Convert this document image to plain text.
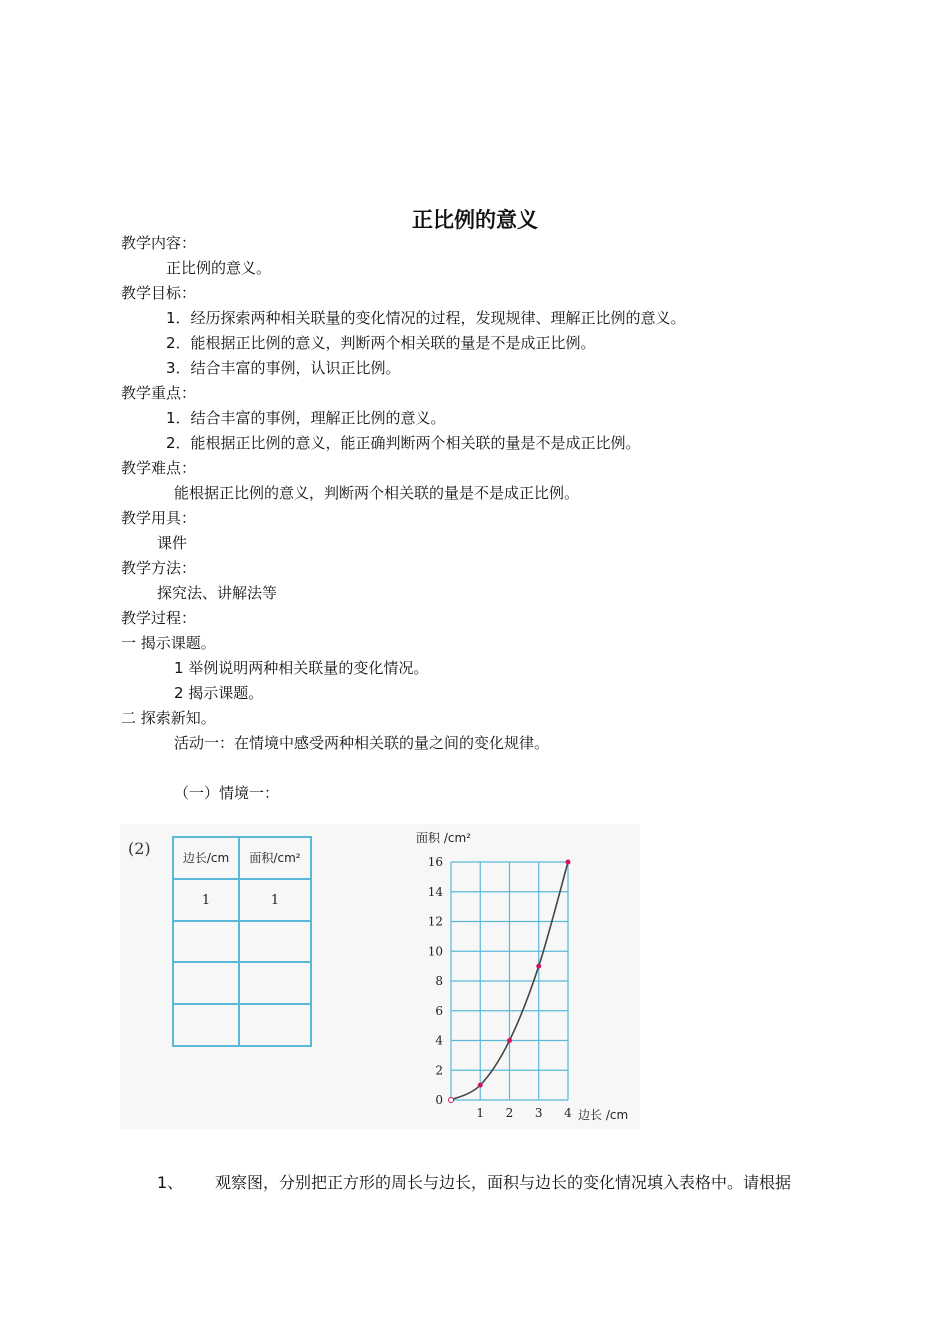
正比例的意义
教学内容：
正比例的意义。
教学目标：
1．经历探索两种相关联量的变化情况的过程，发现规律、理解正比例的意义。
2．能根据正比例的意义，判断两个相关联的量是不是成正比例。
3．结合丰富的事例，认识正比例。
教学重点：
1．结合丰富的事例，理解正比例的意义。
2．能根据正比例的意义，能正确判断两个相关联的量是不是成正比例。
教学难点：
能根据正比例的意义，判断两个相关联的量是不是成正比例。
教学用具：
课件
教学方法：
探究法、讲解法等
教学过程：
一 揭示课题。
1 举例说明两种相关联量的变化情况。
2 揭示课题。
二 探索新知。
活动一：在情境中感受两种相关联的量之间的变化规律。
（一）情境一：
(2)	边长/cm 面积/cm²
1	1
0
2
4
6
8
10
12
14
16
1 2 3 4
面积 /cm²
边长 /cm
1、 观察图，分别把正方形的周长与边长，面积与边长的变化情况填入表格中。请根据
